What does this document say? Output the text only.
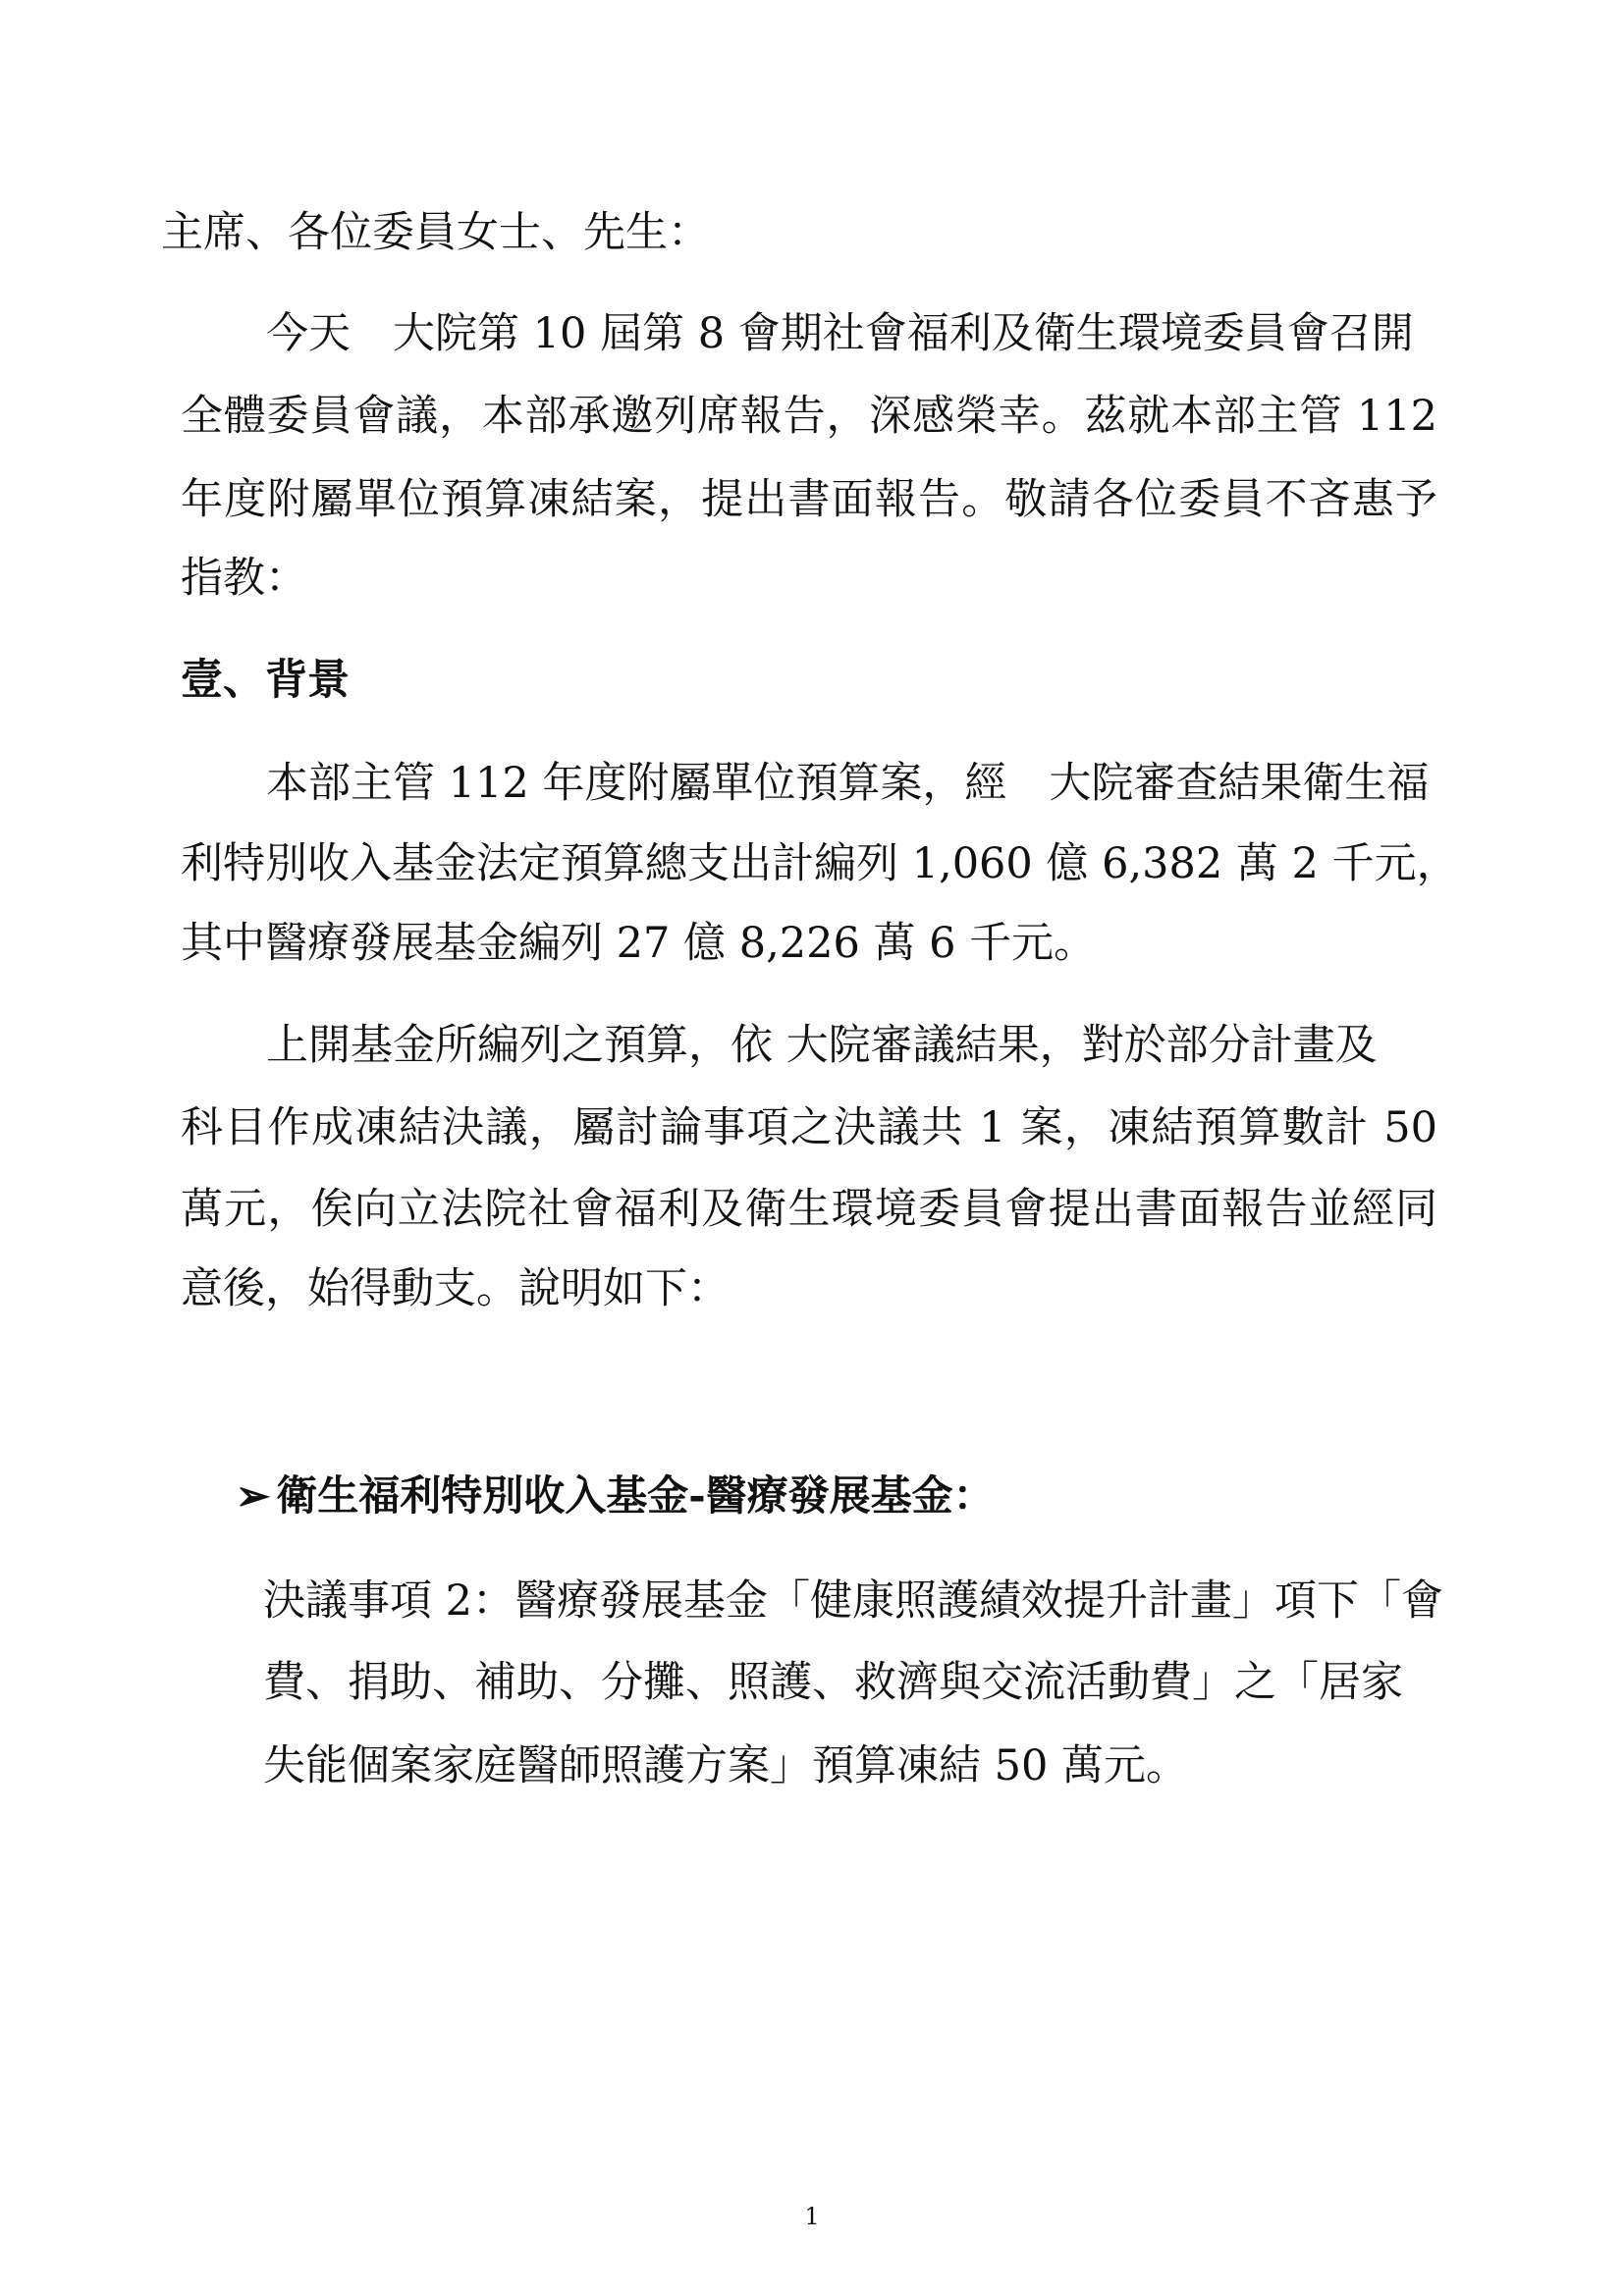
主席、各位委員女士、先生：
今天　大院第 10 屆第 8 會期社會福利及衛生環境委員會召開
全體委員會議，本部承邀列席報告，深感榮幸。茲就本部主管 112
年度附屬單位預算凍結案，提出書面報告。敬請各位委員不吝惠予
指教：
壹、背景
本部主管 112 年度附屬單位預算案，經　大院審查結果衛生福
利特別收入基金法定預算總支出計編列 1,060 億 6,382 萬 2 千元，
其中醫療發展基金編列 27 億 8,226 萬 6 千元。
上開基金所編列之預算，依 大院審議結果，對於部分計畫及
科目作成凍結決議，屬討論事項之決議共 1 案，凍結預算數計 50
萬元，俟向立法院社會福利及衛生環境委員會提出書面報告並經同
意後，始得動支。說明如下：
➢ 衛生福利特別收入基金-醫療發展基金：
決議事項 2：醫療發展基金「健康照護績效提升計畫」項下「會
費、捐助、補助、分攤、照護、救濟與交流活動費」之「居家
失能個案家庭醫師照護方案」預算凍結 50 萬元。
1
